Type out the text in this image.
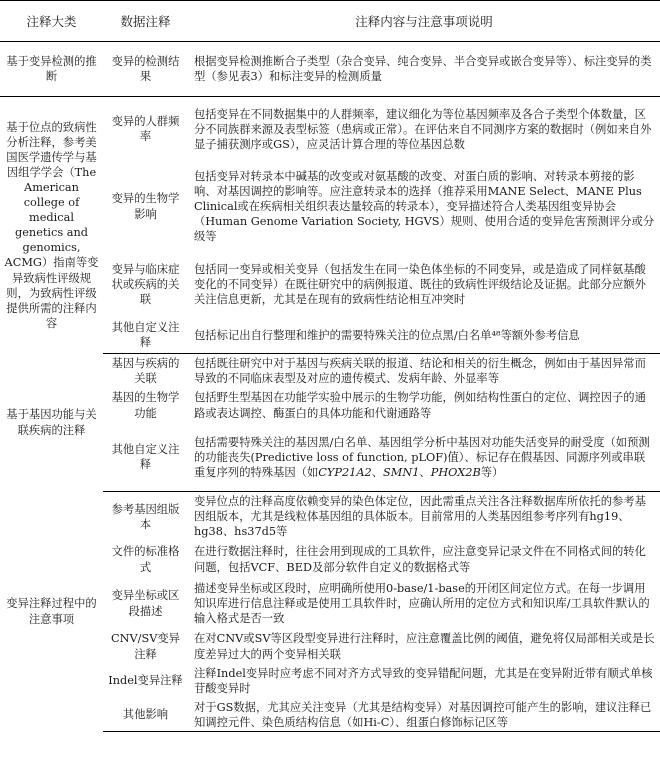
注释大类	数据注释	注释内容与注意事项说明
基于变异检测的推断	变异的检测结果	根据变异检测推断合子类型（杂合变异、纯合变异、半合变异或嵌合变异等）、标注变异的类型（参见表3）和标注变异的检测质量
基于位点的致病性分析注释，参考美国医学遗传学与基因组学学会（The American college of medical genetics and genomics, ACMG）指南等变异致病性评级规则，为致病性评级提供所需的注释内容	变异的人群频率	包括变异在不同数据集中的人群频率，建议细化为等位基因频率及各合子类型个体数量，区分不同族群来源及表型标签（患病或正常）。在评估来自不同测序方案的数据时（例如来自外显子捕获测序或GS），应灵活计算合理的等位基因总数
	变异的生物学影响	包括变异对转录本中碱基的改变或对氨基酸的改变、对蛋白质的影响、对转录本剪接的影响、对基因调控的影响等。应注意转录本的选择（推荐采用MANE Select、MANE Plus Clinical或在疾病相关组织表达量较高的转录本），变异描述符合人类基因组变异协会（Human Genome Variation Society, HGVS）规则、使用合适的变异危害预测评分或分级等
	变异与临床症状或疾病的关联	包括同一变异或相关变异（包括发生在同一染色体坐标的不同变异，或是造成了同样氨基酸变化的不同变异）在既往研究中的病例报道、既往的致病性评级结论及证据。此部分应额外关注信息更新，尤其是在现有的致病性结论相互冲突时
	其他自定义注释	包括标记出自行整理和维护的需要特殊关注的位点黑/白名单⁴⁸等额外参考信息
基于基因功能与关联疾病的注释	基因与疾病的关联	包括既往研究中对于基因与疾病关联的报道、结论和相关的衍生概念，例如由于基因异常而导致的不同临床表型及对应的遗传模式、发病年龄、外显率等
	基因的生物学功能	包括野生型基因在功能学实验中展示的生物学功能，例如结构性蛋白的定位、调控因子的通路或表达调控、酶蛋白的具体功能和代谢通路等
	其他自定义注释	包括需要特殊关注的基因黑/白名单、基因组学分析中基因对功能失活变异的耐受度（如预测的功能丧失(Predictive loss of function, pLOF)值）、标记存在假基因、同源序列或串联重复序列的特殊基因（如CYP21A2、SMN1、PHOX2B等）
变异注释过程中的注意事项	参考基因组版本	变异位点的注释高度依赖变异的染色体定位，因此需重点关注各注释数据库所依托的参考基因组版本，尤其是线粒体基因组的具体版本。目前常用的人类基因组参考序列有hg19、hg38、hs37d5等
	文件的标准格式	在进行数据注释时，往往会用到现成的工具软件，应注意变异记录文件在不同格式间的转化问题，包括VCF、BED及部分软件自定义的数据格式等
	变异坐标或区段描述	描述变异坐标或区段时，应明确所使用0-base/1-base的开闭区间定位方式。在每一步调用知识库进行信息注释或是使用工具软件时，应确认所用的定位方式和知识库/工具软件默认的输入格式是否一致
	CNV/SV变异注释	在对CNV或SV等区段型变异进行注释时，应注意覆盖比例的阈值，避免将仅局部相关或是长度差异过大的两个变异相关联
	Indel变异注释	注释Indel变异时应考虑不同对齐方式导致的变异错配问题，尤其是在变异附近带有顺式单核苷酸变异时
	其他影响	对于GS数据，尤其应关注变异（尤其是结构变异）对基因调控可能产生的影响，建议注释已知调控元件、染色质结构信息（如Hi-C）、组蛋白修饰标记区等
